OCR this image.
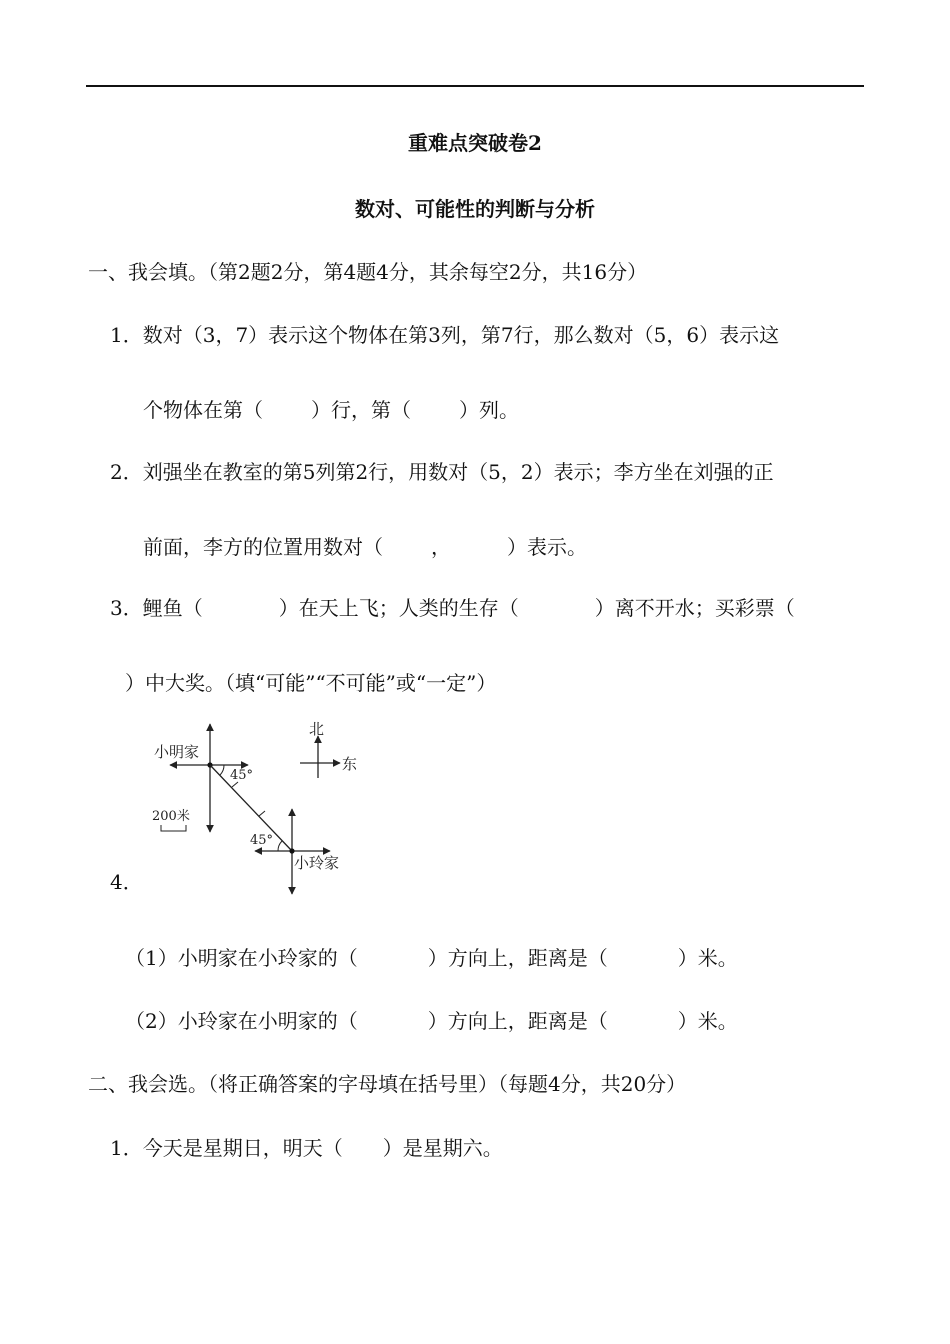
重难点突破卷2
数对、可能性的判断与分析
一、我会填。（第2题2分，第4题4分，其余每空2分，共16分）
1．数对（3，7）表示这个物体在第3列，第7行，那么数对（5，6）表示这
个物体在第（ ）行，第（ ）列。
2．刘强坐在教室的第5列第2行，用数对（5，2）表示；李方坐在刘强的正
前面，李方的位置用数对（ ，	）表示。
3．鲤鱼（	）在天上飞；人类的生存（	）离不开水；买彩票（
）中大奖。（填“可能”“不可能”或“一定”）
北
东
小明家
45°
45°
小玲家
200米
4．
（1）小明家在小玲家的（	）方向上，距离是（	）米。
（2）小玲家在小明家的（	）方向上，距离是（	）米。
二、我会选。（将正确答案的字母填在括号里）（每题4分，共20分）
1．今天是星期日，明天（ ）是星期六。
